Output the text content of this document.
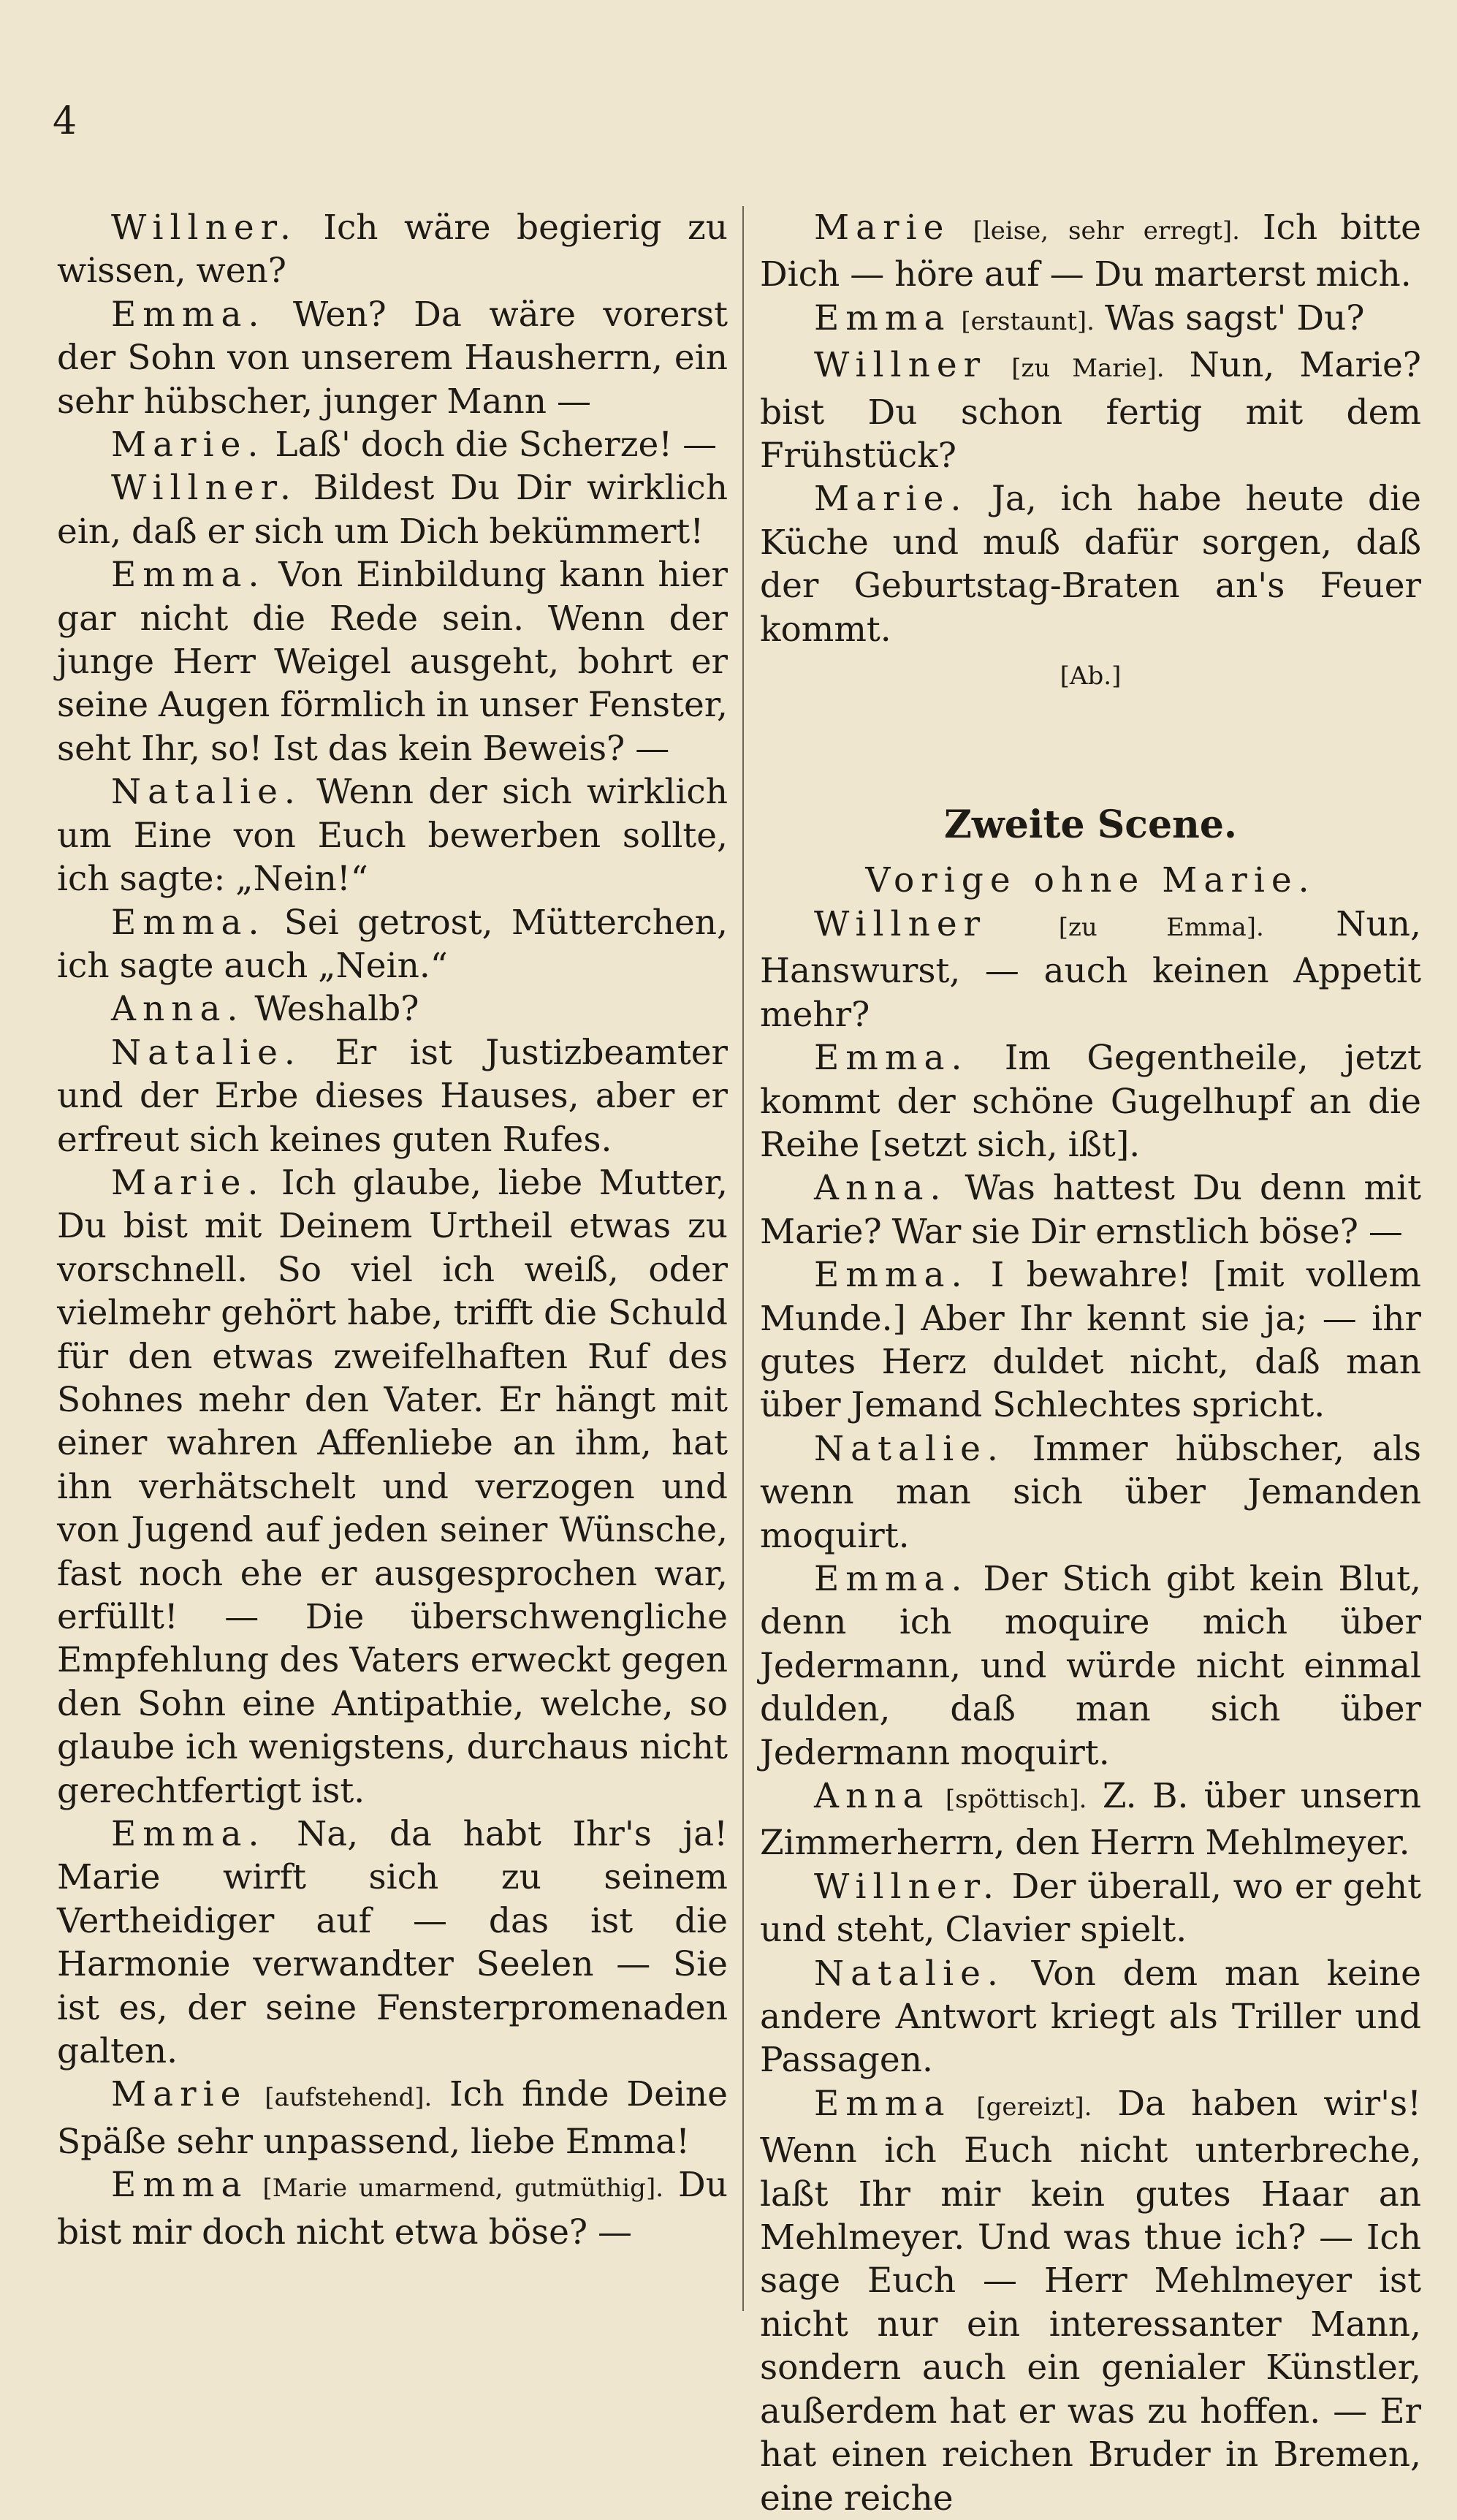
4

Willner. Ich wäre begierig zu wissen, wen?

Emma. Wen? Da wäre vorerst der Sohn von unserem Hausherrn, ein sehr hübscher, junger Mann —

Marie. Laß' doch die Scherze! —

Willner. Bildest Du Dir wirklich ein, daß er sich um Dich bekümmert!

Emma. Von Einbildung kann hier gar nicht die Rede sein. Wenn der junge Herr Weigel ausgeht, bohrt er seine Augen förmlich in unser Fenster, seht Ihr, so! Ist das kein Beweis? —

Natalie. Wenn der sich wirklich um Eine von Euch bewerben sollte, ich sagte: „Nein!“

Emma. Sei getrost, Mütterchen, ich sagte auch „Nein.“

Anna. Weshalb?

Natalie. Er ist Justizbeamter und der Erbe dieses Hauses, aber er erfreut sich keines guten Rufes.

Marie. Ich glaube, liebe Mutter, Du bist mit Deinem Urtheil etwas zu vorschnell. So viel ich weiß, oder vielmehr gehört habe, trifft die Schuld für den etwas zweifelhaften Ruf des Sohnes mehr den Vater. Er hängt mit einer wahren Affenliebe an ihm, hat ihn verhätschelt und verzogen und von Jugend auf jeden seiner Wünsche, fast noch ehe er ausgesprochen war, erfüllt! — Die überschwengliche Empfehlung des Vaters erweckt gegen den Sohn eine Antipathie, welche, so glaube ich wenigstens, durchaus nicht gerechtfertigt ist.

Emma. Na, da habt Ihr's ja! Marie wirft sich zu seinem Vertheidiger auf — das ist die Harmonie verwandter Seelen — Sie ist es, der seine Fensterpromenaden galten.

Marie [aufstehend]. Ich finde Deine Späße sehr unpassend, liebe Emma!

Emma [Marie umarmend, gutmüthig]. Du bist mir doch nicht etwa böse? —

Marie [leise, sehr erregt]. Ich bitte Dich — höre auf — Du marterst mich.

Emma [erstaunt]. Was sagst' Du?

Willner [zu Marie]. Nun, Marie? bist Du schon fertig mit dem Frühstück?

Marie. Ja, ich habe heute die Küche und muß dafür sorgen, daß der Geburtstag-Braten an's Feuer kommt.

[Ab.]

Zweite Scene.

Vorige ohne Marie.

Willner	[zu Emma]. Nun, Hanswurst, — auch keinen Appetit mehr?

Emma. Im Gegentheile, jetzt kommt der schöne Gugelhupf an die Reihe [setzt sich, ißt].

Anna. Was hattest Du denn mit Marie? War sie Dir ernstlich böse? —

Emma. I bewahre! [mit vollem Munde.] Aber Ihr kennt sie ja; — ihr gutes Herz duldet nicht, daß man über Jemand Schlechtes spricht.

Natalie. Immer hübscher, als wenn man sich über Jemanden moquirt.

Emma. Der Stich gibt kein Blut, denn ich moquire mich über Jedermann, und würde nicht einmal dulden, daß man sich über Jedermann moquirt.

Anna [spöttisch]. Z. B. über unsern Zimmerherrn, den Herrn Mehlmeyer.

Willner. Der überall, wo er geht und steht, Clavier spielt.

Natalie. Von dem man keine andere Antwort kriegt als Triller und Passagen.

Emma [gereizt]. Da haben wir's! Wenn ich Euch nicht unterbreche, laßt Ihr mir kein gutes Haar an Mehlmeyer. Und was thue ich? — Ich sage Euch — Herr Mehlmeyer ist nicht nur ein interessanter Mann, sondern auch ein genialer Künstler, außerdem hat er was zu hoffen. — Er hat einen reichen Bruder in Bremen, eine reiche
